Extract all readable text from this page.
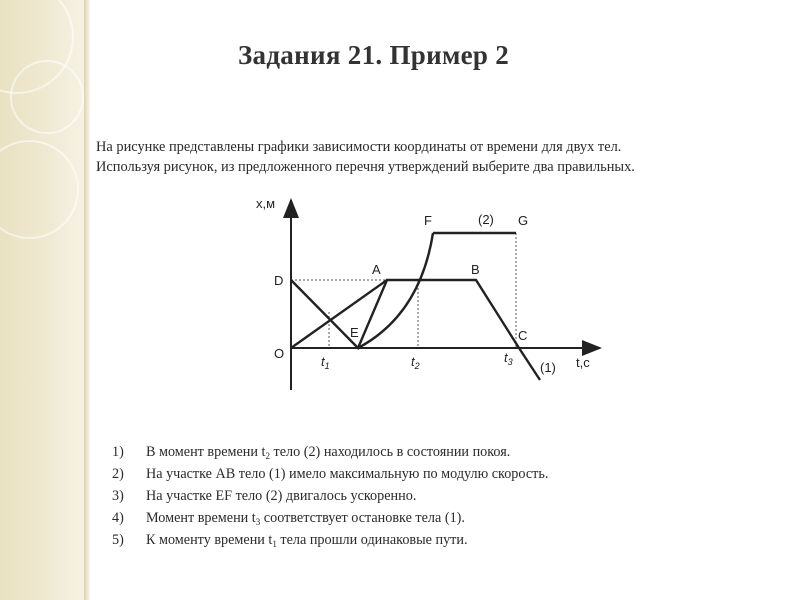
Задания 21. Пример 2

На рисунке представлены графики зависимости координаты от времени для двух тел.

Используя рисунок, из предложенного перечня утверждений выберите два правильных.

x,м
t,c
O
D
A	B
C
E
F	G
(2)
(1)
$t_1$	$t_2$
$t_3$
1)	В момент времени $t_2$ тело (2) находилось в состоянии покоя.
2)	На участке АВ тело (1) имело максимальную по модулю скорость.
3)	На участке EF тело (2) двигалось ускоренно.
4)	Момент времени $t_3$ соответствует остановке тела (1).
5)	К моменту времени $t_1$ тела прошли одинаковые пути.
